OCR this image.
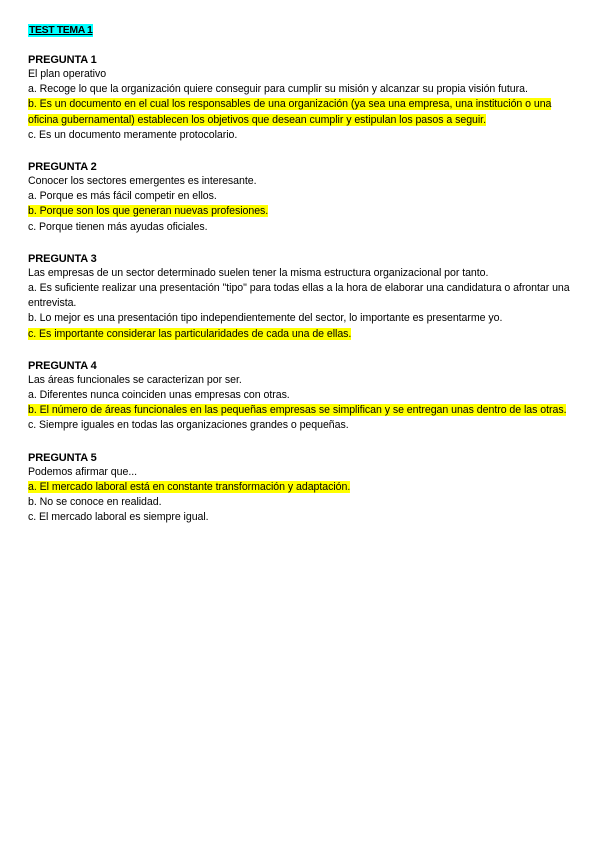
TEST TEMA 1
PREGUNTA 1
El plan operativo
a. Recoge lo que la organización quiere conseguir para cumplir su misión y alcanzar su propia visión futura.
b. Es un documento en el cual los responsables de una organización (ya sea una empresa, una institución o una oficina gubernamental) establecen los objetivos que desean cumplir y estipulan los pasos a seguir.
c. Es un documento meramente protocolario.
PREGUNTA 2
Conocer los sectores emergentes es interesante.
a. Porque es más fácil competir en ellos.
b. Porque son los que generan nuevas profesiones.
c. Porque tienen más ayudas oficiales.
PREGUNTA 3
Las empresas de un sector determinado suelen tener la misma estructura organizacional por tanto.
a. Es suficiente realizar una presentación "tipo" para todas ellas a la hora de elaborar una candidatura o afrontar una entrevista.
b. Lo mejor es una presentación tipo independientemente del sector, lo importante es presentarme yo.
c. Es importante considerar las particularidades de cada una de ellas.
PREGUNTA 4
Las áreas funcionales se caracterizan por ser.
a. Diferentes nunca coinciden unas empresas con otras.
b. El número de áreas funcionales en las pequeñas empresas se simplifican y se entregan unas dentro de las otras.
c. Siempre iguales en todas las organizaciones grandes o pequeñas.
PREGUNTA 5
Podemos afirmar que...
a. El mercado laboral está en constante transformación y adaptación.
b. No se conoce en realidad.
c. El mercado laboral es siempre igual.
